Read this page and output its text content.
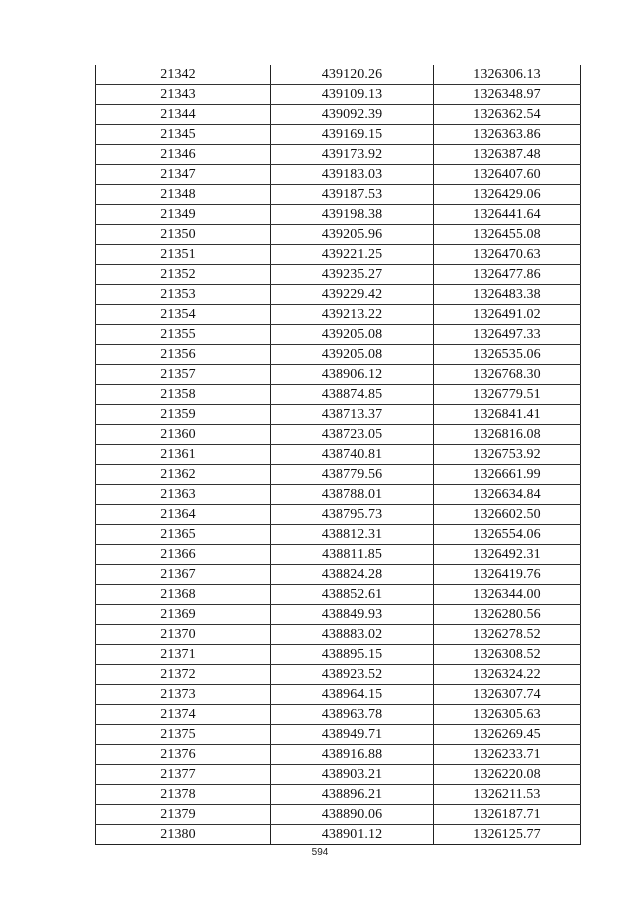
21342	439120.26	1326306.13
21343	439109.13	1326348.97
21344	439092.39	1326362.54
21345	439169.15	1326363.86
21346	439173.92	1326387.48
21347	439183.03	1326407.60
21348	439187.53	1326429.06
21349	439198.38	1326441.64
21350	439205.96	1326455.08
21351	439221.25	1326470.63
21352	439235.27	1326477.86
21353	439229.42	1326483.38
21354	439213.22	1326491.02
21355	439205.08	1326497.33
21356	439205.08	1326535.06
21357	438906.12	1326768.30
21358	438874.85	1326779.51
21359	438713.37	1326841.41
21360	438723.05	1326816.08
21361	438740.81	1326753.92
21362	438779.56	1326661.99
21363	438788.01	1326634.84
21364	438795.73	1326602.50
21365	438812.31	1326554.06
21366	438811.85	1326492.31
21367	438824.28	1326419.76
21368	438852.61	1326344.00
21369	438849.93	1326280.56
21370	438883.02	1326278.52
21371	438895.15	1326308.52
21372	438923.52	1326324.22
21373	438964.15	1326307.74
21374	438963.78	1326305.63
21375	438949.71	1326269.45
21376	438916.88	1326233.71
21377	438903.21	1326220.08
21378	438896.21	1326211.53
21379	438890.06	1326187.71
21380	438901.12	1326125.77
594
